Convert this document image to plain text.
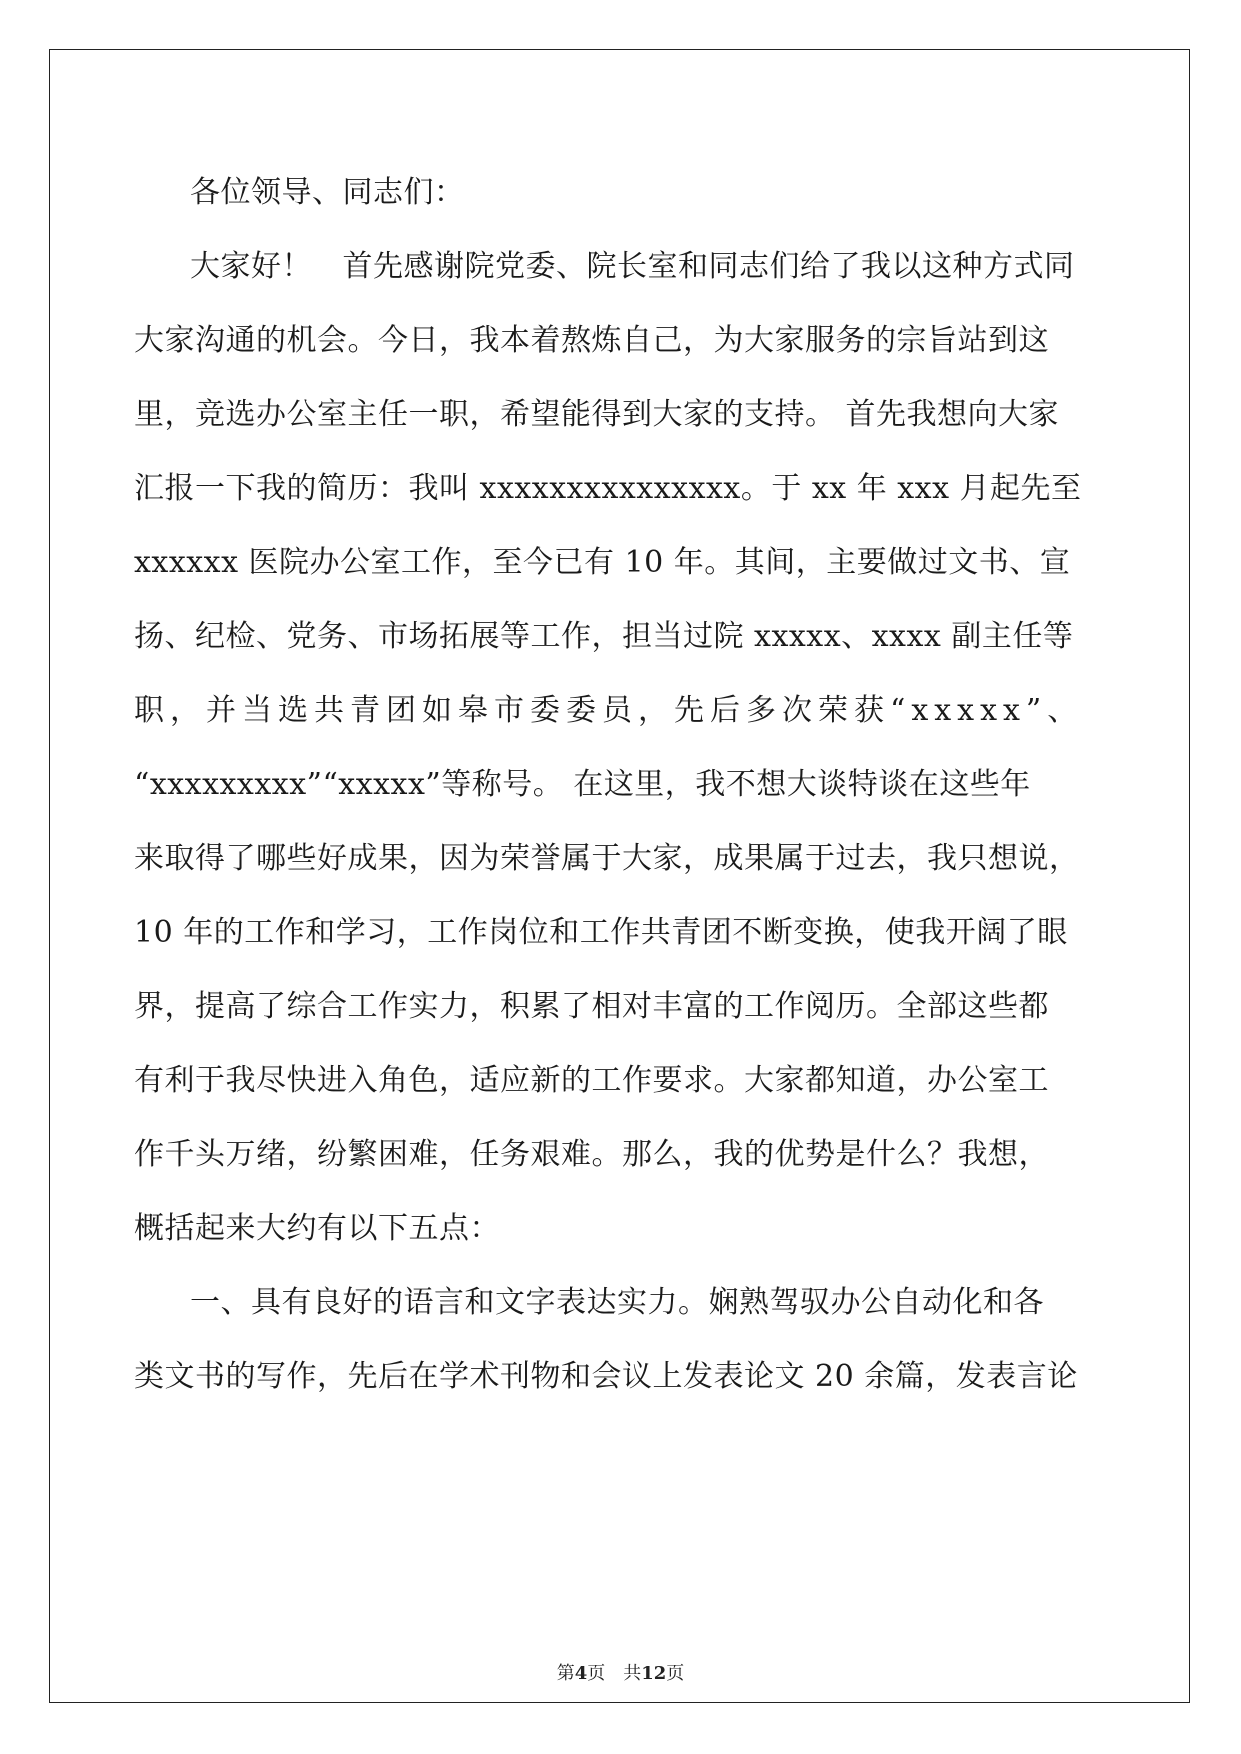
各位领导、同志们：
大家好！　首先感谢院党委、院长室和同志们给了我以这种方式同
大家沟通的机会。今日，我本着熬炼自己，为大家服务的宗旨站到这
里，竞选办公室主任一职，希望能得到大家的支持。 首先我想向大家
汇报一下我的简历：我叫 xxxxxxxxxxxxxxx。于 xx 年 xxx 月起先至
xxxxxx 医院办公室工作，至今已有 10 年。其间，主要做过文书、宣
扬、纪检、党务、市场拓展等工作，担当过院 xxxxx、xxxx 副主任等
职，并当选共青团如皋市委委员，先后多次荣获“xxxxx”、
“xxxxxxxxx”“xxxxx”等称号。 在这里，我不想大谈特谈在这些年
来取得了哪些好成果，因为荣誉属于大家，成果属于过去，我只想说，
10 年的工作和学习，工作岗位和工作共青团不断变换，使我开阔了眼
界，提高了综合工作实力，积累了相对丰富的工作阅历。全部这些都
有利于我尽快进入角色，适应新的工作要求。大家都知道，办公室工
作千头万绪，纷繁困难，任务艰难。那么，我的优势是什么？我想，
概括起来大约有以下五点：
一、具有良好的语言和文字表达实力。娴熟驾驭办公自动化和各
类文书的写作，先后在学术刊物和会议上发表论文 20 余篇，发表言论
第4页　共12页
